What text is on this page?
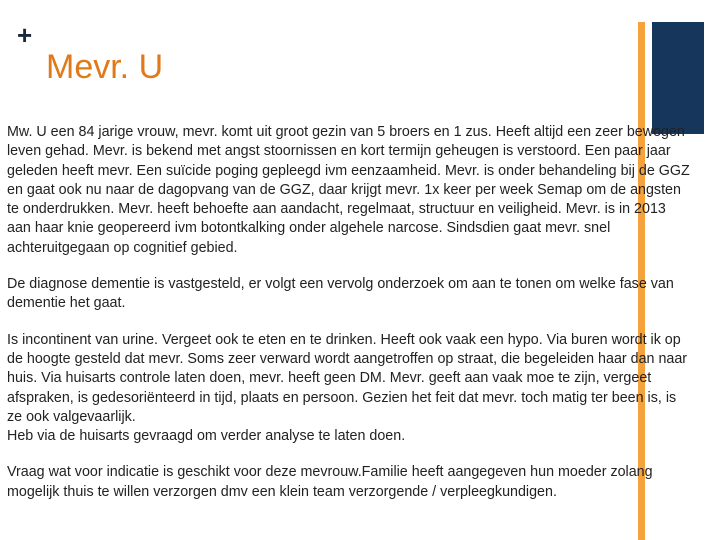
+
Mevr. U

Mw. U een 84 jarige vrouw, mevr. komt uit groot gezin van 5 broers en 1 zus. Heeft altijd een zeer bewogen leven gehad. Mevr. is bekend met angst stoornissen en kort termijn geheugen is verstoord. Een paar jaar geleden heeft mevr. Een suïcide poging gepleegd ivm eenzaamheid. Mevr. is onder behandeling bij de GGZ en gaat ook nu naar de dagopvang van de GGZ, daar krijgt mevr. 1x keer per week Semap om de angsten te onderdrukken. Mevr. heeft behoefte aan aandacht, regelmaat, structuur en veiligheid. Mevr. is in 2013 aan haar knie geopereerd ivm botontkalking onder algehele narcose. Sindsdien gaat mevr. snel achteruitgegaan op cognitief gebied.

De diagnose dementie is vastgesteld, er volgt een vervolg onderzoek om aan te tonen om welke fase van dementie het gaat.

Is incontinent van urine. Vergeet ook te eten en te drinken. Heeft ook vaak een hypo. Via buren wordt ik op de hoogte gesteld dat mevr. Soms zeer verward wordt aangetroffen op straat, die begeleiden haar dan naar huis. Via huisarts controle laten doen, mevr. heeft geen DM. Mevr. geeft aan vaak moe te zijn, vergeet afspraken, is gedesoriënteerd in tijd, plaats en persoon. Gezien het feit dat mevr. toch matig ter been is, is ze ook valgevaarlijk.
Heb via de huisarts gevraagd om verder analyse te laten doen.

Vraag wat voor indicatie is geschikt voor deze mevrouw.Familie heeft aangegeven hun moeder zolang mogelijk thuis te willen verzorgen dmv een klein team verzorgende / verpleegkundigen.
